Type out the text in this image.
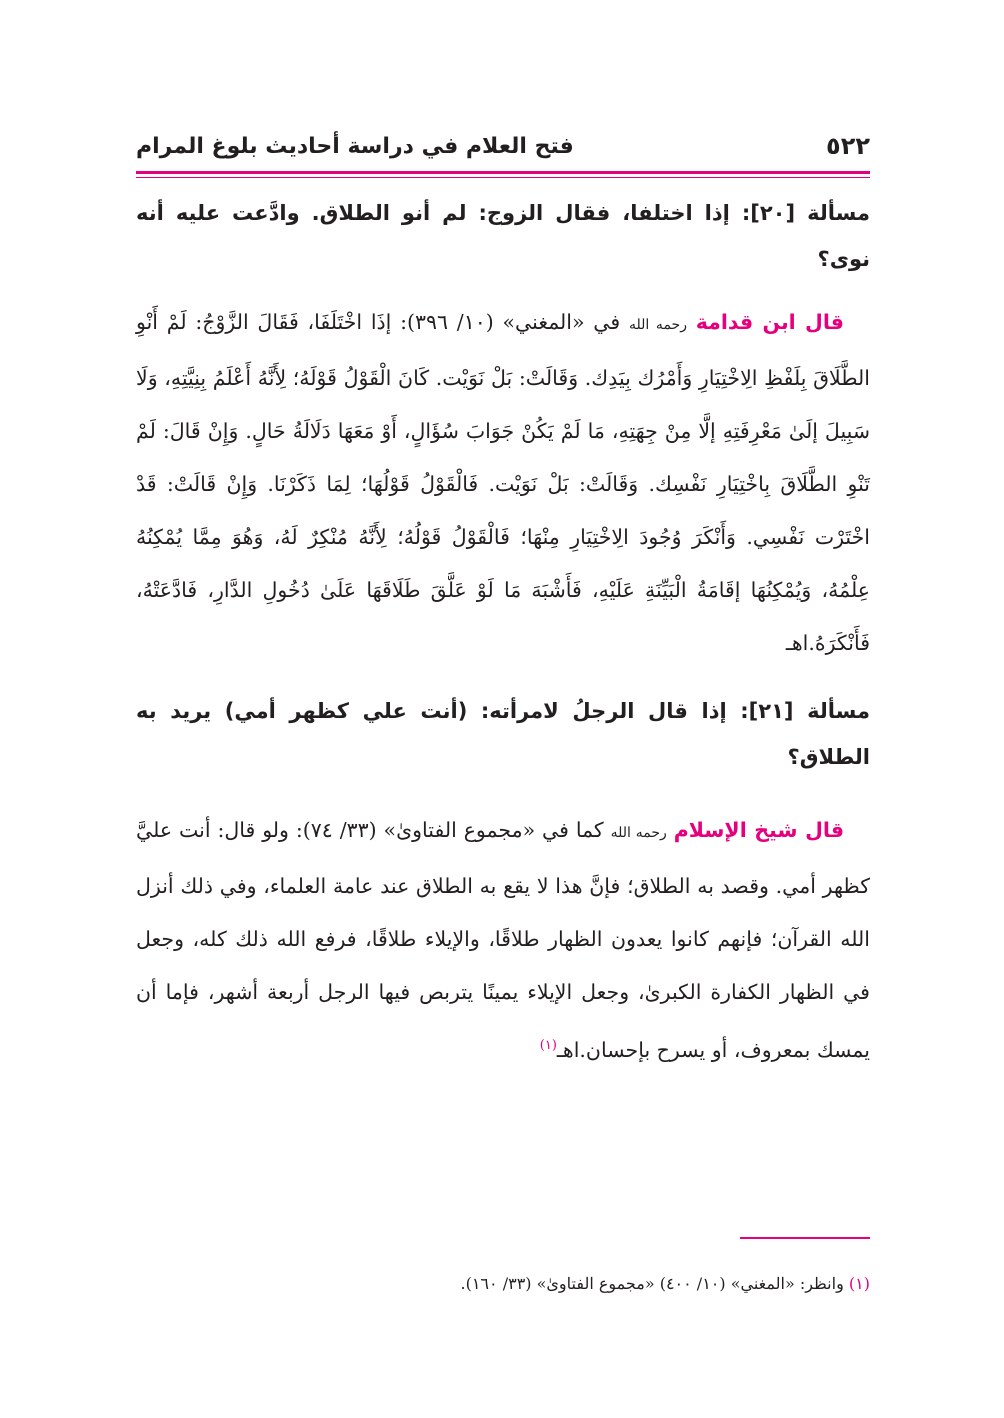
٥٢٢
فتح العلام في دراسة أحاديث بلوغ المرام

مسألة [٢٠]: إذا اختلفا، فقال الزوج: لم أنو الطلاق. وادَّعت عليه أنه نوى؟

قال ابن قدامة رحمه الله في «المغني» (١٠/ ٣٩٦): إذَا اخْتَلَفَا، فَقَالَ الزَّوْجُ: لَمْ أَنْوِ الطَّلَاقَ بِلَفْظِ الِاخْتِيَارِ وَأَمْرُك بِيَدِك. وَقَالَتْ: بَلْ نَوَيْت. كَانَ الْقَوْلُ قَوْلَهُ؛ لِأَنَّهُ أَعْلَمُ بِنِيَّتِهِ، وَلَا سَبِيلَ إلَىٰ مَعْرِفَتِهِ إلَّا مِنْ جِهَتِهِ، مَا لَمْ يَكُنْ جَوَابَ سُؤَالٍ، أَوْ مَعَهَا دَلَالَةُ حَالٍ. وَإِنْ قَالَ: لَمْ تَنْوِ الطَّلَاقَ بِاخْتِيَارِ نَفْسِك. وَقَالَتْ: بَلْ نَوَيْت. فَالْقَوْلُ قَوْلُهَا؛ لِمَا ذَكَرْنَا. وَإِنْ قَالَتْ: قَدْ اخْتَرْت نَفْسِي. وَأَنْكَرَ وُجُودَ الِاخْتِيَارِ مِنْهَا؛ فَالْقَوْلُ قَوْلُهُ؛ لِأَنَّهُ مُنْكِرٌ لَهُ، وَهُوَ مِمَّا يُمْكِنُهُ عِلْمُهُ، وَيُمْكِنُهَا إقَامَةُ الْبَيِّنَةِ عَلَيْهِ، فَأَشْبَهَ مَا لَوْ عَلَّقَ طَلَاقَهَا عَلَىٰ دُخُولِ الدَّارِ، فَادَّعَتْهُ، فَأَنْكَرَهُ.اهـ

مسألة [٢١]: إذا قال الرجلُ لامرأته: (أنت علي كظهر أمي) يريد به الطلاق؟

قال شيخ الإسلام رحمه الله كما في «مجموع الفتاوىٰ» (٣٣/ ٧٤): ولو قال: أنت عليَّ كظهر أمي. وقصد به الطلاق؛ فإنَّ هذا لا يقع به الطلاق عند عامة العلماء، وفي ذلك أنزل الله القرآن؛ فإنهم كانوا يعدون الظهار طلاقًا، والإيلاء طلاقًا، فرفع الله ذلك كله، وجعل في الظهار الكفارة الكبرىٰ، وجعل الإيلاء يمينًا يتربص فيها الرجل أربعة أشهر، فإما أن يمسك بمعروف، أو يسرح بإحسان.اهـ$^{(١)}$

(١) وانظر: «المغني» (١٠/ ٤٠٠) «مجموع الفتاوىٰ» (٣٣/ ١٦٠).
